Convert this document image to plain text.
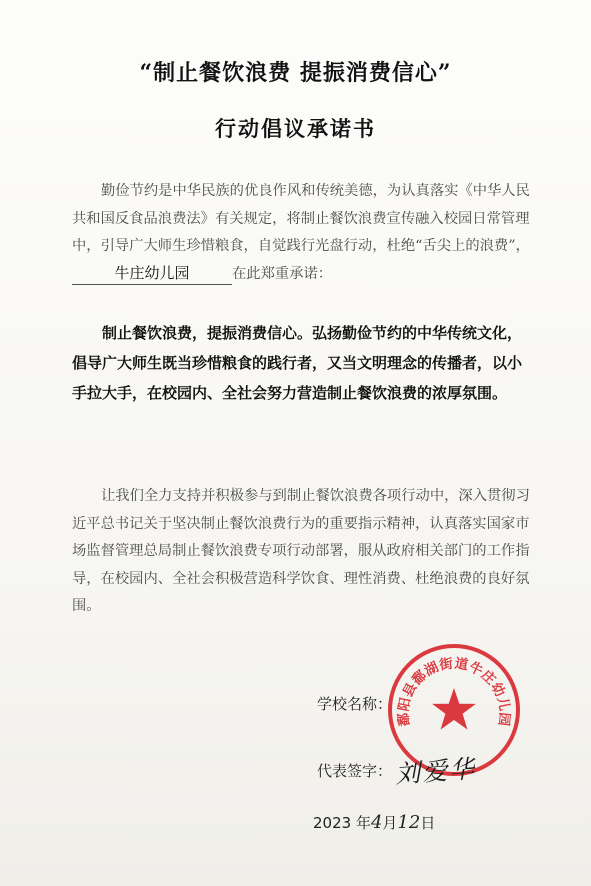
“制止餐饮浪费 提振消费信心”
行动倡议承诺书
勤俭节约是中华民族的优良作风和传统美德，为认真落实《中华人民共和国反食品浪费法》有关规定，将制止餐饮浪费宣传融入校园日常管理中，引导广大师生珍惜粮食，自觉践行光盘行动，杜绝“舌尖上的浪费”，牛庄幼儿园	在此郑重承诺：
制止餐饮浪费，提振消费信心。弘扬勤俭节约的中华传统文化，倡导广大师生既当珍惜粮食的践行者，又当文明理念的传播者，以小手拉大手，在校园内、全社会努力营造制止餐饮浪费的浓厚氛围。
让我们全力支持并积极参与到制止餐饮浪费各项行动中，深入贯彻习近平总书记关于坚决制止餐饮浪费行为的重要指示精神，认真落实国家市场监督管理总局制止餐饮浪费专项行动部署，服从政府相关部门的工作指导，在校园内、全社会积极营造科学饮食、理性消费、杜绝浪费的良好氛围。
鄱阳县鄱湖街道牛庄幼儿园
学校名称：
代表签字： 刘爱华
2023 年4月12日
